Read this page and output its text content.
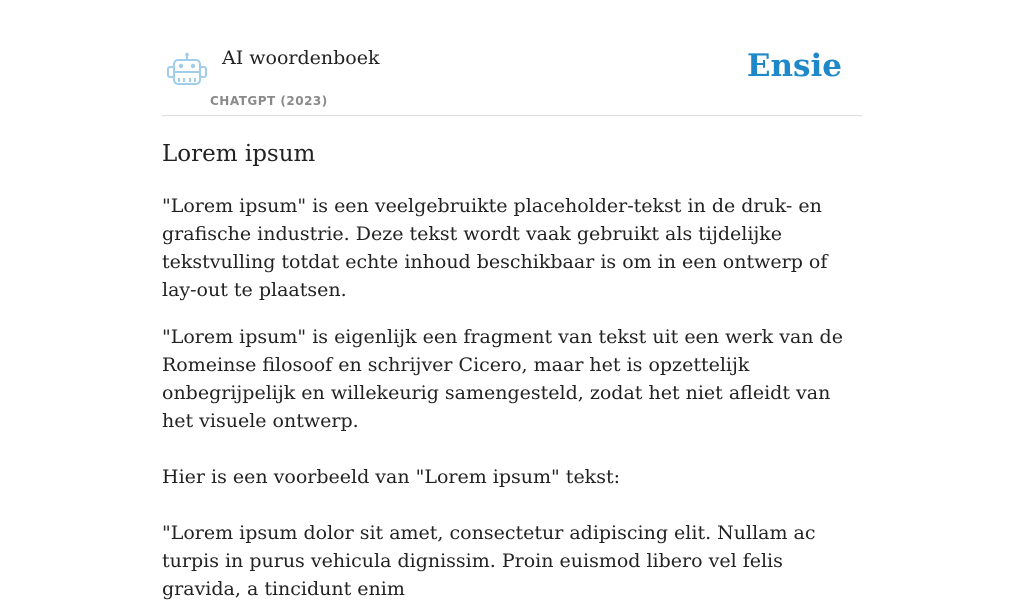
AI woordenboek
CHATGPT (2023)
Ensie
Lorem ipsum

"Lorem ipsum" is een veelgebruikte placeholder-tekst in de druk- en grafische industrie. Deze tekst wordt vaak gebruikt als tijdelijke tekstvulling totdat echte inhoud beschikbaar is om in een ontwerp of lay-out te plaatsen.

"Lorem ipsum" is eigenlijk een fragment van tekst uit een werk van de Romeinse filosoof en schrijver Cicero, maar het is opzettelijk onbegrijpelijk en willekeurig samengesteld, zodat het niet afleidt van het visuele ontwerp.

Hier is een voorbeeld van "Lorem ipsum" tekst:

"Lorem ipsum dolor sit amet, consectetur adipiscing elit. Nullam ac turpis in purus vehicula dignissim. Proin euismod libero vel felis gravida, a tincidunt enim
